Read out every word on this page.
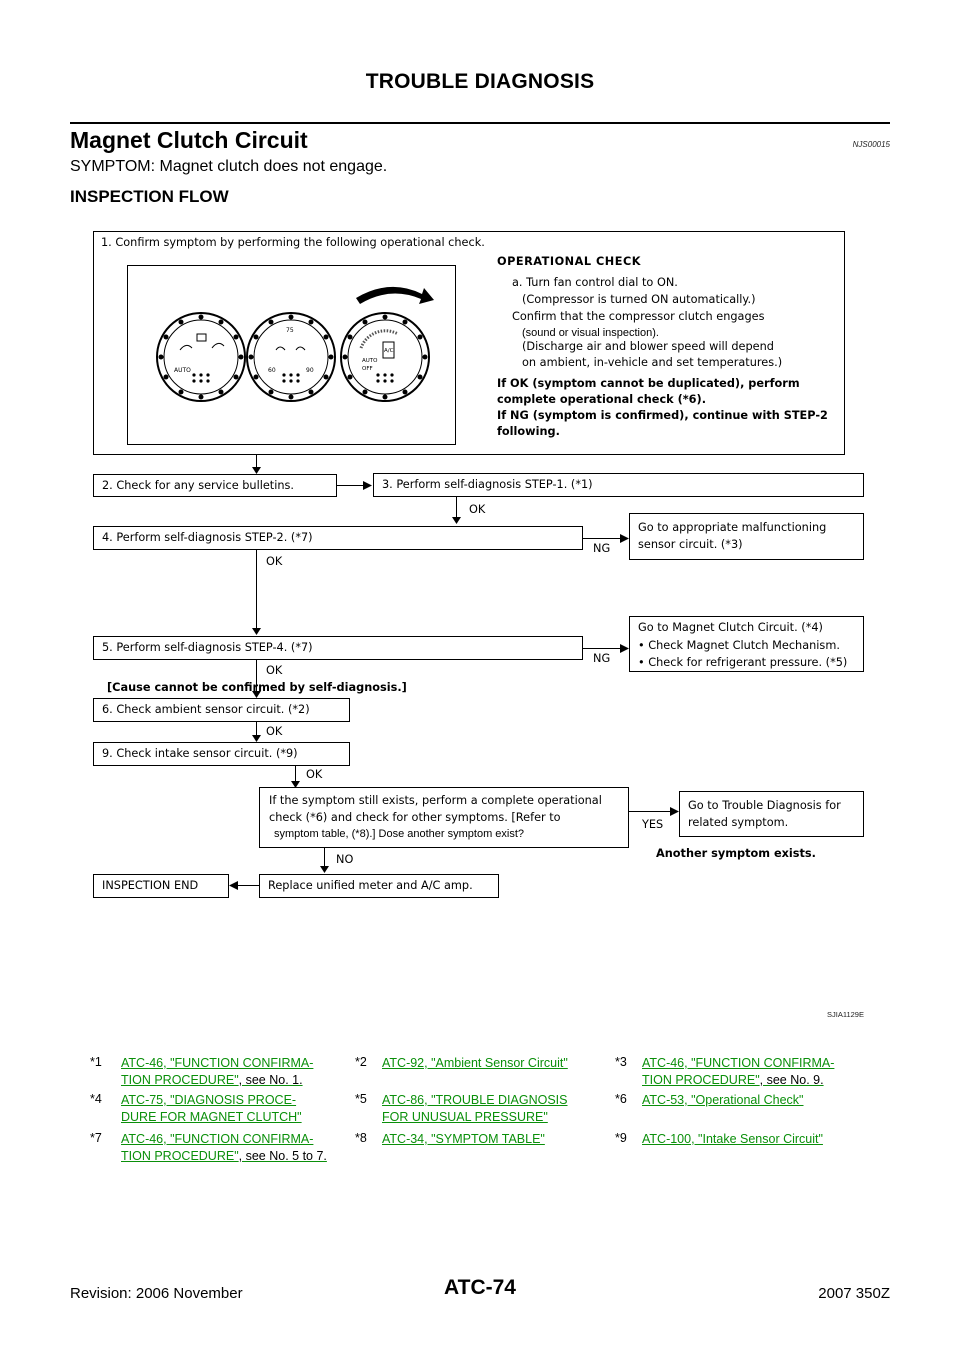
TROUBLE DIAGNOSIS
Magnet Clutch Circuit	NJS00015
SYMPTOM: Magnet clutch does not engage.
INSPECTION FLOW
1. Confirm symptom by performing the following operational check.
AUTO
75
60	90
AUTO
OFF
A/C
OPERATIONAL CHECK
a. Turn fan control dial to ON.
(Compressor is turned ON automatically.)
Confirm that the compressor clutch engages
(sound or visual inspection).
(Discharge air and blower speed will depend
on ambient, in-vehicle and set temperatures.)
If OK (symptom cannot be duplicated), perform
complete operational check (*6).
If NG (symptom is confirmed), continue with STEP-2
following.
2. Check for any service bulletins.	3. Perform self-diagnosis STEP-1. (*1)
OK
4. Perform self-diagnosis STEP-2. (*7)
NG
Go to appropriate malfunctioning
sensor circuit. (*3)
OK
5. Perform self-diagnosis STEP-4. (*7)
NG
Go to Magnet Clutch Circuit. (*4)
• Check Magnet Clutch Mechanism.
• Check for refrigerant pressure. (*5)
OK
[Cause cannot be confirmed by self-diagnosis.]
6. Check ambient sensor circuit. (*2)
OK
9. Check intake sensor circuit. (*9)
OK
If the symptom still exists, perform a complete operational
check (*6) and check for other symptoms. [Refer to
symptom table, (*8).] Dose another symptom exist?
YES
Go to Trouble Diagnosis for
related symptom.
Another symptom exists.
NO
INSPECTION END	Replace unified meter and A/C amp.
SJIA1129E
*1 ATC-46, "FUNCTION CONFIRMA-
TION PROCEDURE", see No. 1.
*2 ATC-92, "Ambient Sensor Circuit"	*3 ATC-46, "FUNCTION CONFIRMA-
TION PROCEDURE", see No. 9.
*4 ATC-75, "DIAGNOSIS PROCE-
DURE FOR MAGNET CLUTCH"
*5 ATC-86, "TROUBLE DIAGNOSIS
FOR UNUSUAL PRESSURE"
*6 ATC-53, "Operational Check"
*7 ATC-46, "FUNCTION CONFIRMA-
TION PROCEDURE", see No. 5 to 7.
*8 ATC-34, "SYMPTOM TABLE"	*9 ATC-100, "Intake Sensor Circuit"
Revision: 2006 November	ATC-74	2007 350Z
